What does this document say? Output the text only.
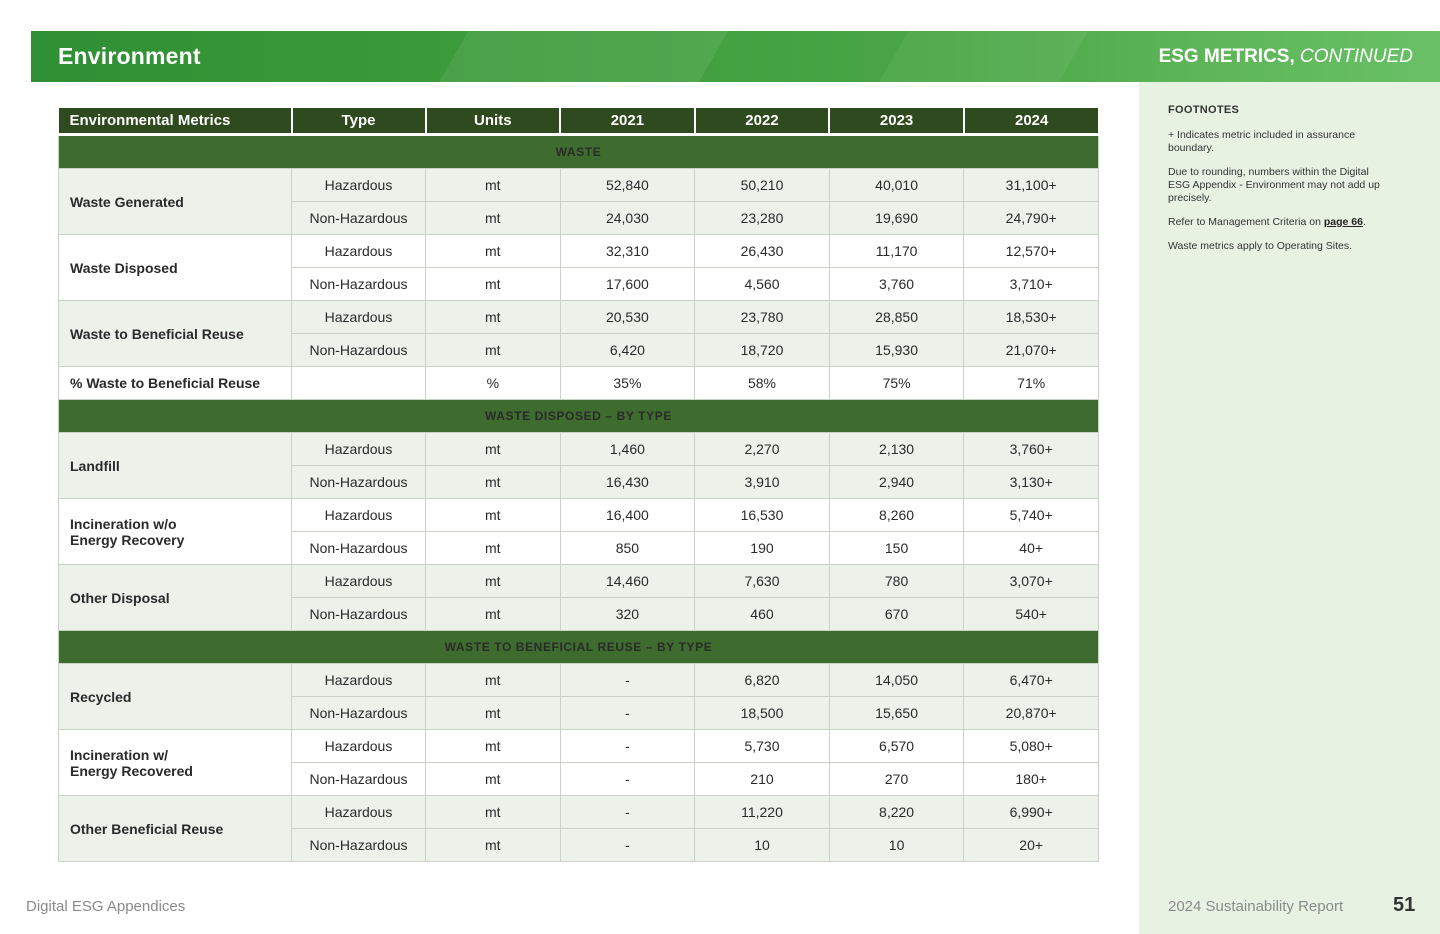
Environment	ESG METRICS, CONTINUED
Environmental Metrics	Type	Units	2021	2022	2023	2024
WASTE						
Waste Generated	Hazardous	mt	52,840	50,210	40,010	31,100+
	Non-Hazardous	mt	24,030	23,280	19,690	24,790+
Waste Disposed	Hazardous	mt	32,310	26,430	11,170	12,570+
	Non-Hazardous	mt	17,600	4,560	3,760	3,710+
Waste to Beneficial Reuse	Hazardous	mt	20,530	23,780	28,850	18,530+
	Non-Hazardous	mt	6,420	18,720	15,930	21,070+
% Waste to Beneficial Reuse		%	35%	58%	75%	71%
WASTE DISPOSED – BY TYPE						
Landfill	Hazardous	mt	1,460	2,270	2,130	3,760+
	Non-Hazardous	mt	16,430	3,910	2,940	3,130+
Incineration w/o
Energy Recovery	Hazardous	mt	16,400	16,530	8,260	5,740+
	Non-Hazardous	mt	850	190	150	40+
Other Disposal	Hazardous	mt	14,460	7,630	780	3,070+
	Non-Hazardous	mt	320	460	670	540+
WASTE TO BENEFICIAL REUSE – BY TYPE						
Recycled	Hazardous	mt	-	6,820	14,050	6,470+
	Non-Hazardous	mt	-	18,500	15,650	20,870+
Incineration w/
Energy Recovered	Hazardous	mt	-	5,730	6,570	5,080+
	Non-Hazardous	mt	-	210	270	180+
Other Beneficial Reuse	Hazardous	mt	-	11,220	8,220	6,990+
	Non-Hazardous	mt	-	10	10	20+
FOOTNOTES

+ Indicates metric included in assurance boundary.

Due to rounding, numbers within the Digital ESG Appendix - Environment may not add up precisely.

Refer to Management Criteria on page 66.

Waste metrics apply to Operating Sites.

Digital ESG Appendices	2024 Sustainability Report 51
